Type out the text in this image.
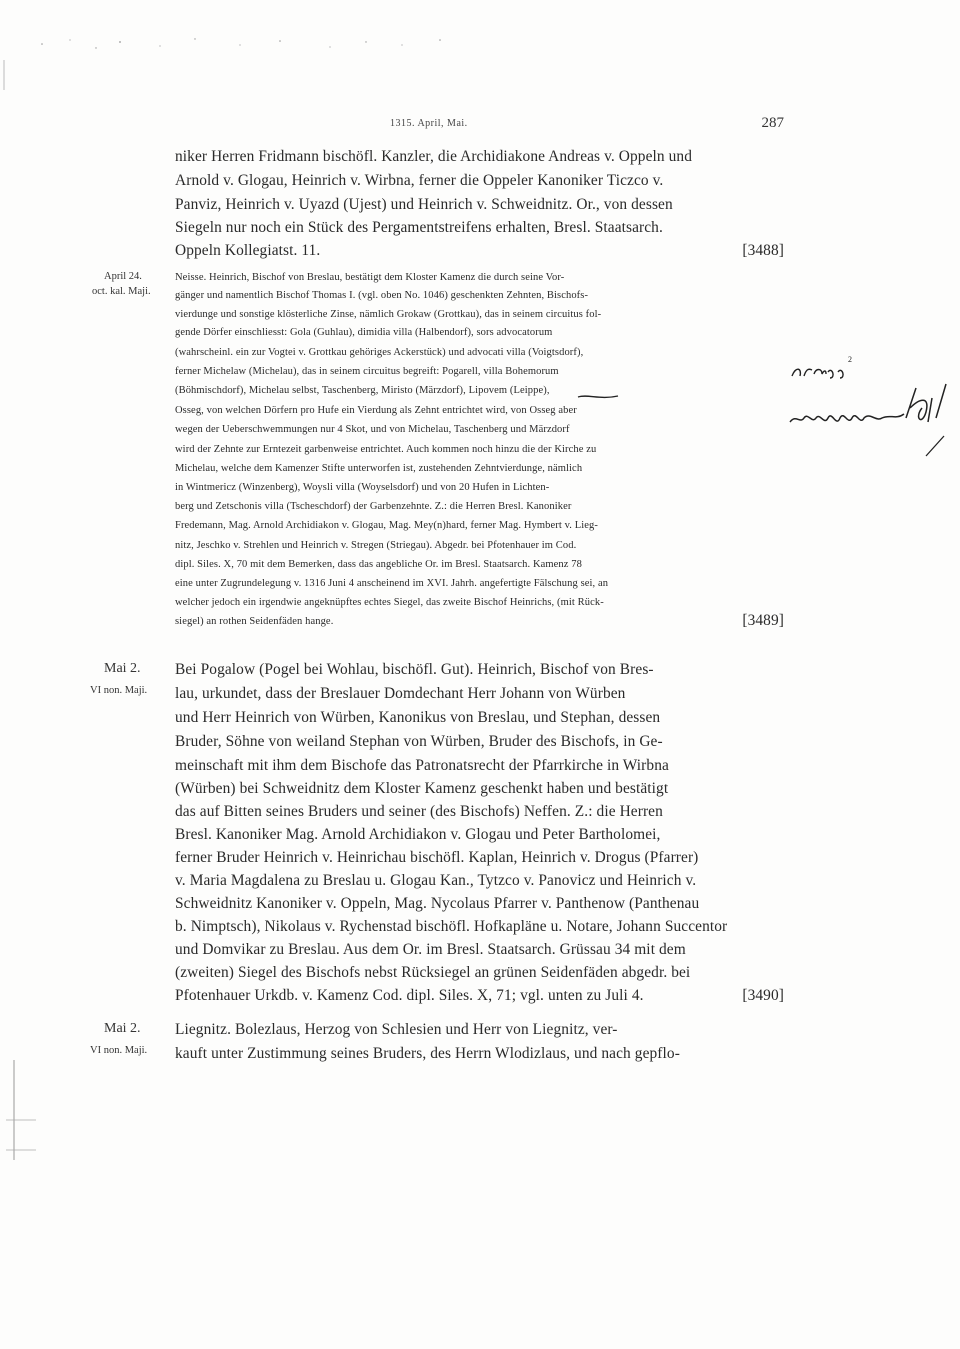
1315. April, Mai.	287
niker Herren Fridmann bischöfl. Kanzler, die Archidiakone Andreas v. Oppeln und
Arnold v. Glogau, Heinrich v. Wirbna, ferner die Oppeler Kanoniker Ticzco v.
Panviz, Heinrich v. Uyazd (Ujest) und Heinrich v. Schweidnitz. Or., von dessen
Siegeln nur noch ein Stück des Pergamentstreifens erhalten, Bresl. Staatsarch.
Oppeln Kollegiatst. 11.	[3488]
April 24.
oct. kal. Maji.
Neisse. Heinrich, Bischof von Breslau, bestätigt dem Kloster Kamenz die durch seine Vor-
gänger und namentlich Bischof Thomas I. (vgl. oben No. 1046) geschenkten Zehnten, Bischofs-
vierdunge und sonstige klösterliche Zinse, nämlich Grokaw (Grottkau), das in seinem circuitus fol-
gende Dörfer einschliesst: Gola (Guhlau), dimidia villa (Halbendorf), sors advocatorum
(wahrscheinl. ein zur Vogtei v. Grottkau gehöriges Ackerstück) und advocati villa (Voigtsdorf),
ferner Michelaw (Michelau), das in seinem circuitus begreift: Pogarell, villa Bohemorum
(Böhmischdorf), Michelau selbst, Taschenberg, Miristo (Märzdorf), Lipovem (Leippe),
Osseg, von welchen Dörfern pro Hufe ein Vierdung als Zehnt entrichtet wird, von Osseg aber
wegen der Ueberschwemmungen nur 4 Skot, und von Michelau, Taschenberg und Märzdorf
wird der Zehnte zur Erntezeit garbenweise entrichtet. Auch kommen noch hinzu die der Kirche zu
Michelau, welche dem Kamenzer Stifte unterworfen ist, zustehenden Zehntvierdunge, nämlich
in Wintmericz (Winzenberg), Woysli villa (Woyselsdorf) und von 20 Hufen in Lichten-
berg und Zetschonis villa (Tscheschdorf) der Garbenzehnte. Z.: die Herren Bresl. Kanoniker
Fredemann, Mag. Arnold Archidiakon v. Glogau, Mag. Mey(n)hard, ferner Mag. Hymbert v. Lieg-
nitz, Jeschko v. Strehlen und Heinrich v. Stregen (Striegau). Abgedr. bei Pfotenhauer im Cod.
dipl. Siles. X, 70 mit dem Bemerken, dass das angebliche Or. im Bresl. Staatsarch. Kamenz 78
eine unter Zugrundelegung v. 1316 Juni 4 anscheinend im XVI. Jahrh. angefertigte Fälschung sei, an
welcher jedoch ein irgendwie angeknüpftes echtes Siegel, das zweite Bischof Heinrichs, (mit Rück-
siegel) an rothen Seidenfäden hange.	[3489]
2
Mai 2.
VI non. Maji.
Bei Pogalow (Pogel bei Wohlau, bischöfl. Gut). Heinrich, Bischof von Bres-
lau, urkundet, dass der Breslauer Domdechant Herr Johann von Würben
und Herr Heinrich von Würben, Kanonikus von Breslau, und Stephan, dessen
Bruder, Söhne von weiland Stephan von Würben, Bruder des Bischofs, in Ge-
meinschaft mit ihm dem Bischofe das Patronatsrecht der Pfarrkirche in Wirbna
(Würben) bei Schweidnitz dem Kloster Kamenz geschenkt haben und bestätigt
das auf Bitten seines Bruders und seiner (des Bischofs) Neffen. Z.: die Herren
Bresl. Kanoniker Mag. Arnold Archidiakon v. Glogau und Peter Bartholomei,
ferner Bruder Heinrich v. Heinrichau bischöfl. Kaplan, Heinrich v. Drogus (Pfarrer)
v. Maria Magdalena zu Breslau u. Glogau Kan., Tytzco v. Panovicz und Heinrich v.
Schweidnitz Kanoniker v. Oppeln, Mag. Nycolaus Pfarrer v. Panthenow (Panthenau
b. Nimptsch), Nikolaus v. Rychenstad bischöfl. Hofkapläne u. Notare, Johann Succentor
und Domvikar zu Breslau. Aus dem Or. im Bresl. Staatsarch. Grüssau 34 mit dem
(zweiten) Siegel des Bischofs nebst Rücksiegel an grünen Seidenfäden abgedr. bei
Pfotenhauer Urkdb. v. Kamenz Cod. dipl. Siles. X, 71; vgl. unten zu Juli 4.	[3490]
Mai 2.
VI non. Maji.
Liegnitz. Bolezlaus, Herzog von Schlesien und Herr von Liegnitz, ver-
kauft unter Zustimmung seines Bruders, des Herrn Wlodizlaus, und nach gepflo-
